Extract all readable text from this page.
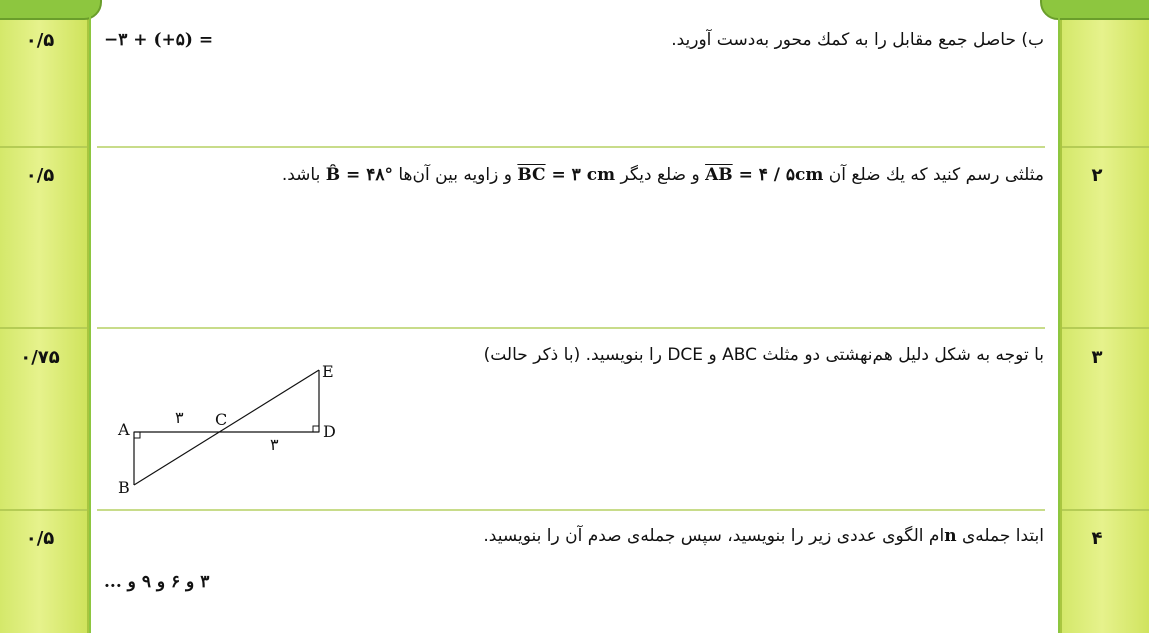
۰/۵	ب) حاصل جمع مقابل را به کمك محور به‌دست آورید.
−۳ + (+۵) =
۰/۵	۲
مثلثی رسم کنید که یك ضلع آن $\overline{AB}$ = ۴ / ۵cm و ضلع دیگر $\overline{BC}$ = ۳ cm و زاویه بین آن‌ها B̂ = ۴۸° باشد.
۰/۷۵	۳
با توجه به شکل دلیل هم‌نهشتی دو مثلث ABC و DCE را بنویسید. (با ذکر حالت)
A
B
C
D
E
۳
۳
۰/۵	۴
ابتدا جمله‌ی nام الگوی عددی زیر را بنویسید، سپس جمله‌ی صدم آن را بنویسید.
۳ و ۶ و ۹ و ...
